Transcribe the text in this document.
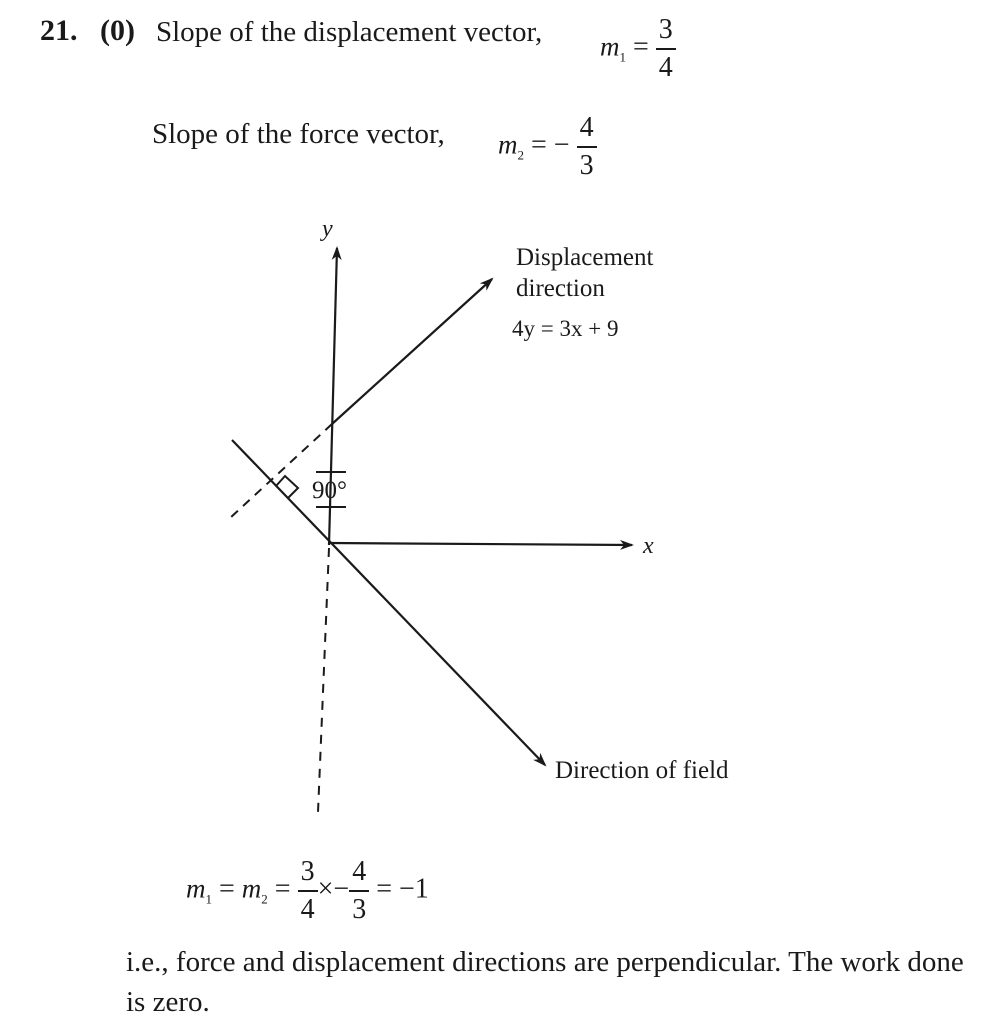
21. (0) Slope of the displacement vector, $m_1 = \frac{3}{4}$
Slope of the force vector, $m_2$ = − $\frac{4}{3}$
y
x
90°
Displacement
direction
4y = 3x + 9
Direction of field
$m_1 = m_2 = \frac{3}{4} \times- \frac{4}{3} = -1$
i.e., force and displacement directions are perpendicular. The work done is zero.
